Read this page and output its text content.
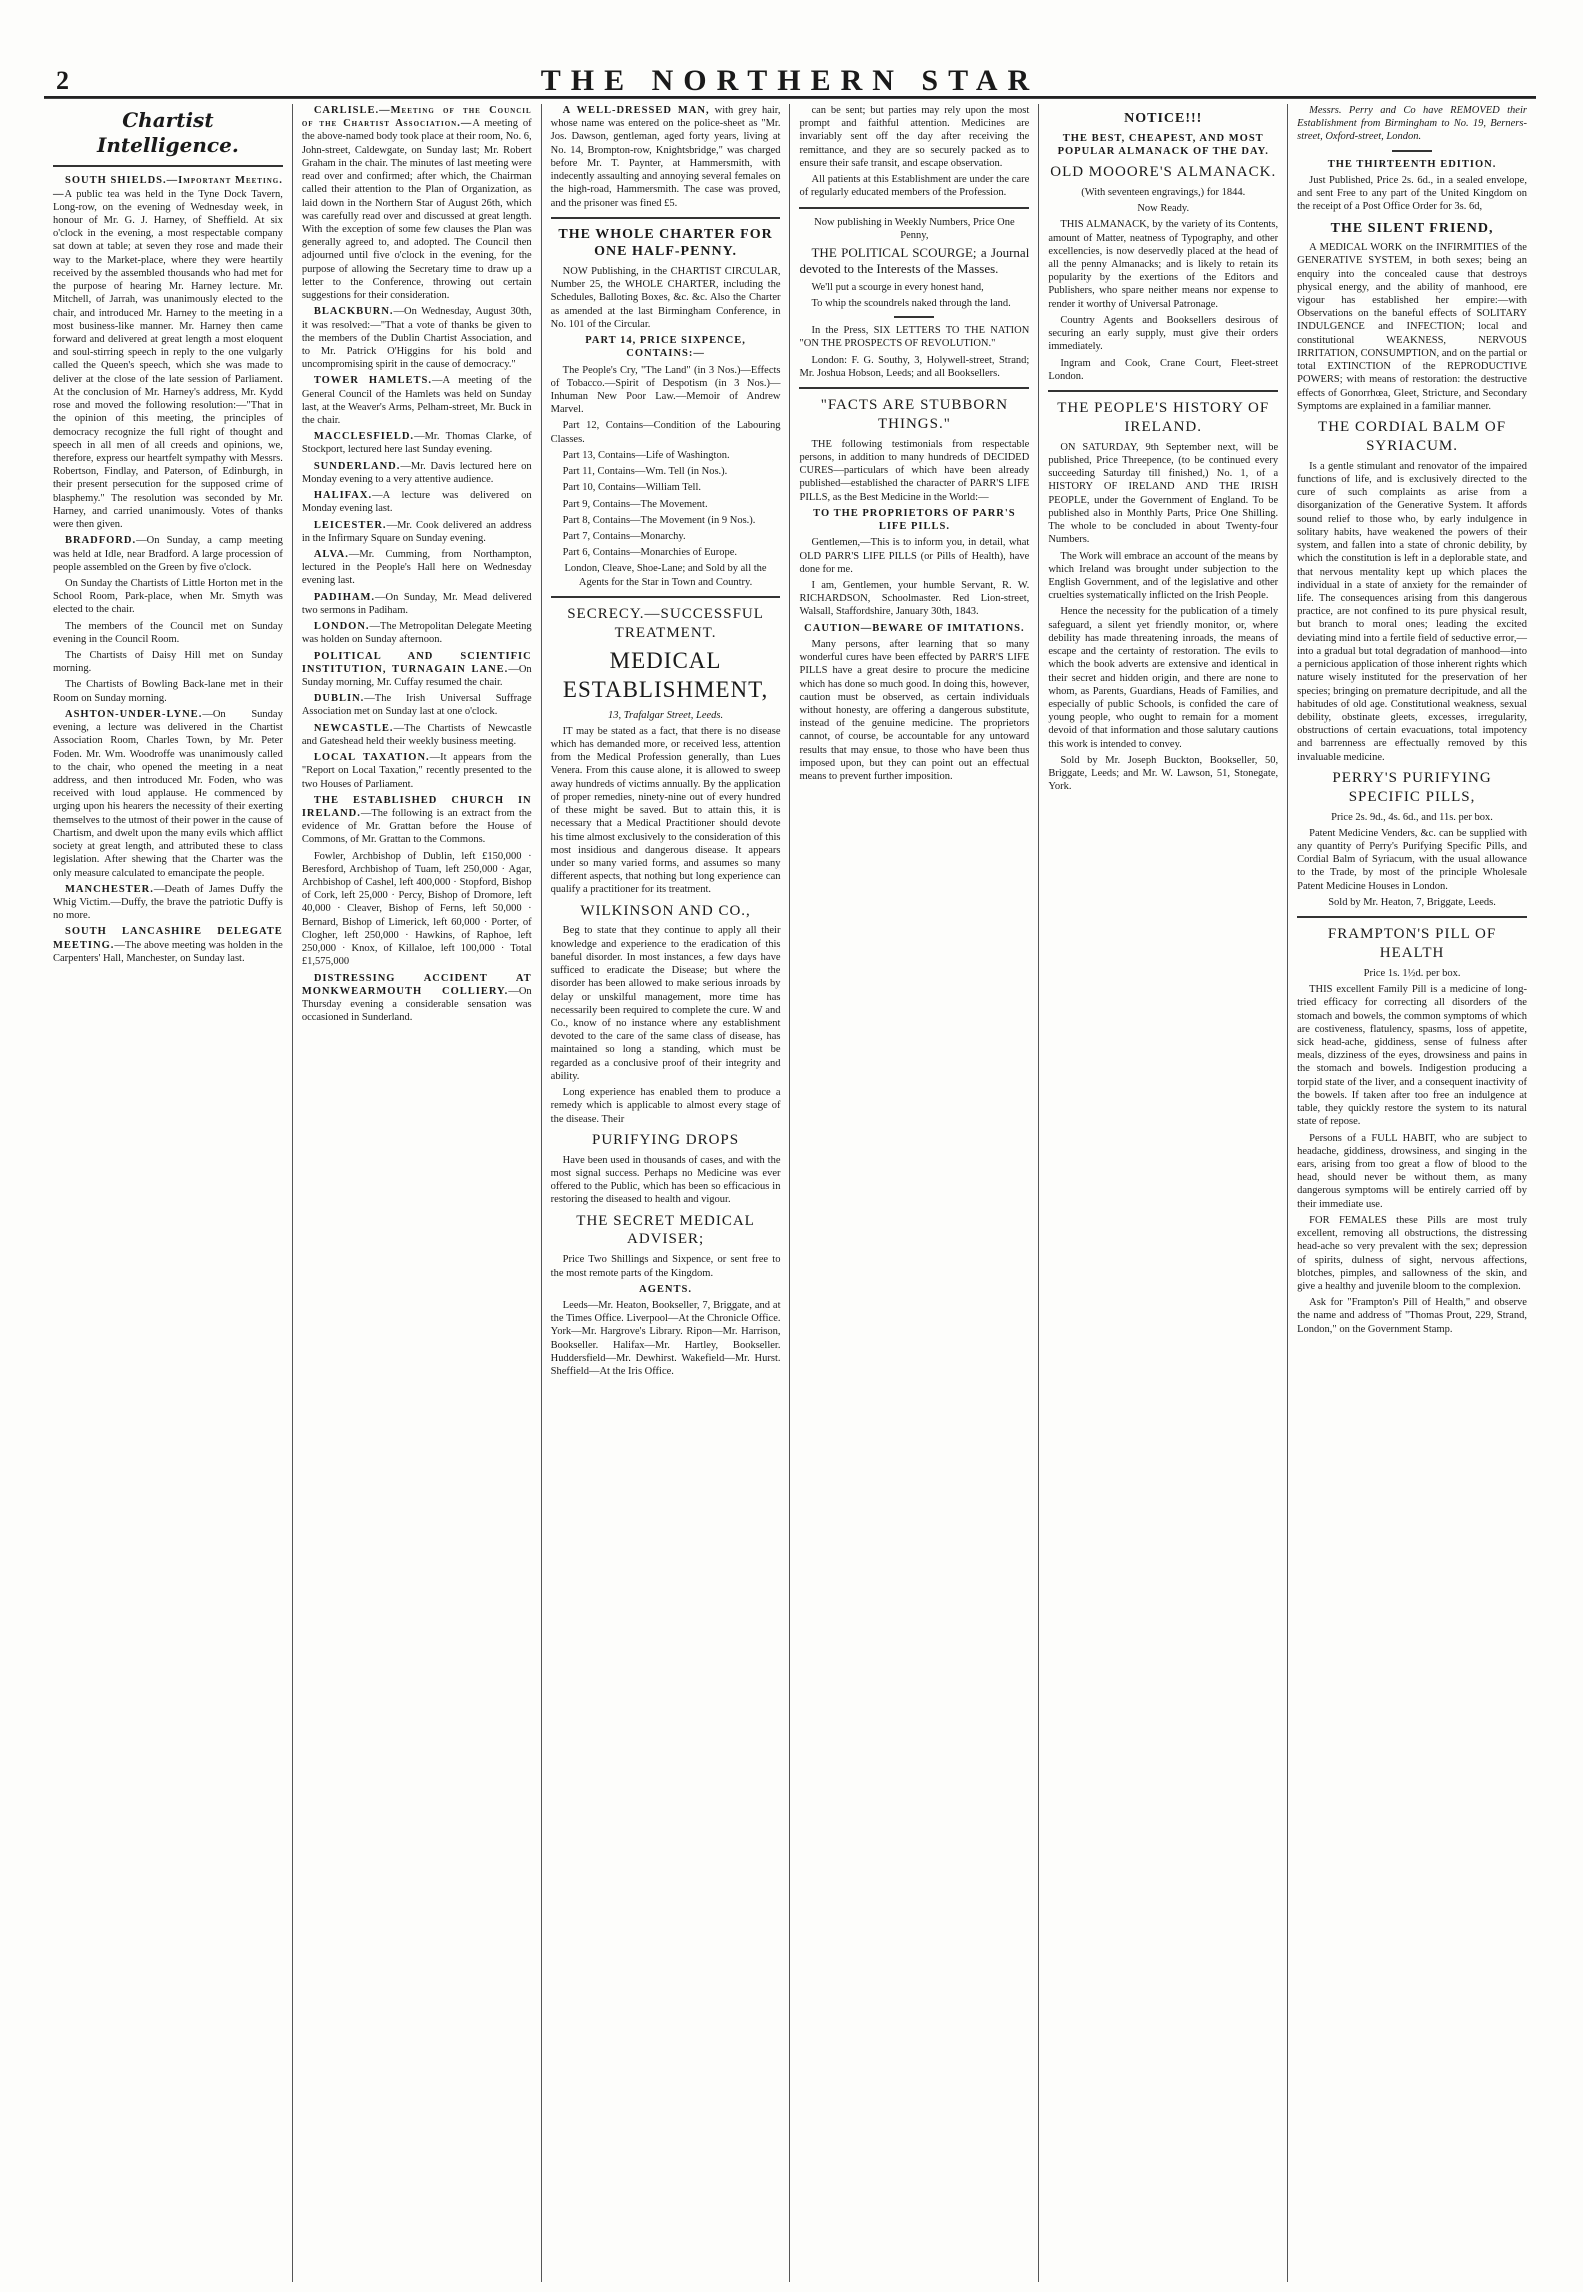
2	THE NORTHERN STAR
Chartist Intelligence.

SOUTH SHIELDS.—Important Meeting.—A public tea was held in the Tyne Dock Tavern, Long-row, on the evening of Wednesday week, in honour of Mr. G. J. Harney, of Sheffield. At six o'clock in the evening, a most respectable company sat down at table; at seven they rose and made their way to the Market-place, where they were heartily received by the assembled thousands who had met for the purpose of hearing Mr. Harney lecture. Mr. Mitchell, of Jarrah, was unanimously elected to the chair, and introduced Mr. Harney to the meeting in a most business-like manner. Mr. Harney then came forward and delivered at great length a most eloquent and soul-stirring speech in reply to the one vulgarly called the Queen's speech, which she was made to deliver at the close of the late session of Parliament. At the conclusion of Mr. Harney's address, Mr. Kydd rose and moved the following resolution:—"That in the opinion of this meeting, the principles of democracy recognize the full right of thought and speech in all men of all creeds and opinions, we, therefore, express our heartfelt sympathy with Messrs. Robertson, Findlay, and Paterson, of Edinburgh, in their present persecution for the supposed crime of blasphemy." The resolution was seconded by Mr. Harney, and carried unanimously. Votes of thanks were then given.

BRADFORD.—On Sunday, a camp meeting was held at Idle, near Bradford. A large procession of people assembled on the Green by five o'clock.

On Sunday the Chartists of Little Horton met in the School Room, Park-place, when Mr. Smyth was elected to the chair.

The members of the Council met on Sunday evening in the Council Room.

The Chartists of Daisy Hill met on Sunday morning.

The Chartists of Bowling Back-lane met in their Room on Sunday morning.

ASHTON-UNDER-LYNE.—On Sunday evening, a lecture was delivered in the Chartist Association Room, Charles Town, by Mr. Peter Foden. Mr. Wm. Woodroffe was unanimously called to the chair, who opened the meeting in a neat address, and then introduced Mr. Foden, who was received with loud applause. He commenced by urging upon his hearers the necessity of their exerting themselves to the utmost of their power in the cause of Chartism, and dwelt upon the many evils which afflict society at great length, and attributed these to class legislation. After shewing that the Charter was the only measure calculated to emancipate the people.

MANCHESTER.—Death of James Duffy the Whig Victim.—Duffy, the brave the patriotic Duffy is no more.

SOUTH LANCASHIRE DELEGATE MEETING.—The above meeting was holden in the Carpenters' Hall, Manchester, on Sunday last.

CARLISLE.—Meeting of the Council of the Chartist Association.—A meeting of the above-named body took place at their room, No. 6, John-street, Caldewgate, on Sunday last; Mr. Robert Graham in the chair. The minutes of last meeting were read over and confirmed; after which, the Chairman called their attention to the Plan of Organization, as laid down in the Northern Star of August 26th, which was carefully read over and discussed at great length. With the exception of some few clauses the Plan was generally agreed to, and adopted. The Council then adjourned until five o'clock in the evening, for the purpose of allowing the Secretary time to draw up a letter to the Conference, throwing out certain suggestions for their consideration.

BLACKBURN.—On Wednesday, August 30th, it was resolved:—"That a vote of thanks be given to the members of the Dublin Chartist Association, and to Mr. Patrick O'Higgins for his bold and uncompromising spirit in the cause of democracy."

TOWER HAMLETS.—A meeting of the General Council of the Hamlets was held on Sunday last, at the Weaver's Arms, Pelham-street, Mr. Buck in the chair.

MACCLESFIELD.—Mr. Thomas Clarke, of Stockport, lectured here last Sunday evening.

SUNDERLAND.—Mr. Davis lectured here on Monday evening to a very attentive audience.

HALIFAX.—A lecture was delivered on Monday evening last.

LEICESTER.—Mr. Cook delivered an address in the Infirmary Square on Sunday evening.

ALVA.—Mr. Cumming, from Northampton, lectured in the People's Hall here on Wednesday evening last.

PADIHAM.—On Sunday, Mr. Mead delivered two sermons in Padiham.

LONDON.—The Metropolitan Delegate Meeting was holden on Sunday afternoon.

POLITICAL AND SCIENTIFIC INSTITUTION, TURNAGAIN LANE.—On Sunday morning, Mr. Cuffay resumed the chair.

DUBLIN.—The Irish Universal Suffrage Association met on Sunday last at one o'clock.

NEWCASTLE.—The Chartists of Newcastle and Gateshead held their weekly business meeting.

LOCAL TAXATION.—It appears from the "Report on Local Taxation," recently presented to the two Houses of Parliament.

THE ESTABLISHED CHURCH IN IRELAND.—The following is an extract from the evidence of Mr. Grattan before the House of Commons, of Mr. Grattan to the Commons.

Fowler, Archbishop of Dublin, left £150,000 · Beresford, Archbishop of Tuam, left 250,000 · Agar, Archbishop of Cashel, left 400,000 · Stopford, Bishop of Cork, left 25,000 · Percy, Bishop of Dromore, left 40,000 · Cleaver, Bishop of Ferns, left 50,000 · Bernard, Bishop of Limerick, left 60,000 · Porter, of Clogher, left 250,000 · Hawkins, of Raphoe, left 250,000 · Knox, of Killaloe, left 100,000 · Total £1,575,000

DISTRESSING ACCIDENT AT MONKWEARMOUTH COLLIERY.—On Thursday evening a considerable sensation was occasioned in Sunderland.

A WELL-DRESSED MAN, with grey hair, whose name was entered on the police-sheet as "Mr. Jos. Dawson, gentleman, aged forty years, living at No. 14, Brompton-row, Knightsbridge," was charged before Mr. T. Paynter, at Hammersmith, with indecently assaulting and annoying several females on the high-road, Hammersmith. The case was proved, and the prisoner was fined £5.

THE WHOLE CHARTER FOR ONE HALF-PENNY.

NOW Publishing, in the CHARTIST CIRCULAR, Number 25, the WHOLE CHARTER, including the Schedules, Balloting Boxes, &c. &c. Also the Charter as amended at the last Birmingham Conference, in No. 101 of the Circular.

PART 14, PRICE SIXPENCE, CONTAINS:—

The People's Cry, "The Land" (in 3 Nos.)—Effects of Tobacco.—Spirit of Despotism (in 3 Nos.)—Inhuman New Poor Law.—Memoir of Andrew Marvel.

Part 12, Contains—Condition of the Labouring Classes.

Part 13, Contains—Life of Washington.

Part 11, Contains—Wm. Tell (in Nos.).

Part 10, Contains—William Tell.

Part 9, Contains—The Movement.

Part 8, Contains—The Movement (in 9 Nos.).

Part 7, Contains—Monarchy.

Part 6, Contains—Monarchies of Europe.

London, Cleave, Shoe-Lane; and Sold by all the Agents for the Star in Town and Country.

SECRECY.—SUCCESSFUL TREATMENT.
MEDICAL ESTABLISHMENT,

13, Trafalgar Street, Leeds.

IT may be stated as a fact, that there is no disease which has demanded more, or received less, attention from the Medical Profession generally, than Lues Venera. From this cause alone, it is allowed to sweep away hundreds of victims annually. By the application of proper remedies, ninety-nine out of every hundred of these might be saved. But to attain this, it is necessary that a Medical Practitioner should devote his time almost exclusively to the consideration of this most insidious and dangerous disease. It appears under so many varied forms, and assumes so many different aspects, that nothing but long experience can qualify a practitioner for its treatment.

WILKINSON AND CO.,

Beg to state that they continue to apply all their knowledge and experience to the eradication of this baneful disorder. In most instances, a few days have sufficed to eradicate the Disease; but where the disorder has been allowed to make serious inroads by delay or unskilful management, more time has necessarily been required to complete the cure. W and Co., know of no instance where any establishment devoted to the care of the same class of disease, has maintained so long a standing, which must be regarded as a conclusive proof of their integrity and ability.

Long experience has enabled them to produce a remedy which is applicable to almost every stage of the disease. Their

PURIFYING DROPS

Have been used in thousands of cases, and with the most signal success. Perhaps no Medicine was ever offered to the Public, which has been so efficacious in restoring the diseased to health and vigour.

THE SECRET MEDICAL ADVISER;

Price Two Shillings and Sixpence, or sent free to the most remote parts of the Kingdom.

AGENTS.

Leeds—Mr. Heaton, Bookseller, 7, Briggate, and at the Times Office. Liverpool—At the Chronicle Office. York—Mr. Hargrove's Library. Ripon—Mr. Harrison, Bookseller. Halifax—Mr. Hartley, Bookseller. Huddersfield—Mr. Dewhirst. Wakefield—Mr. Hurst. Sheffield—At the Iris Office.

can be sent; but parties may rely upon the most prompt and faithful attention. Medicines are invariably sent off the day after receiving the remittance, and they are so securely packed as to ensure their safe transit, and escape observation.

All patients at this Establishment are under the care of regularly educated members of the Profession.

Now publishing in Weekly Numbers, Price One Penny,

THE POLITICAL SCOURGE; a Journal devoted to the Interests of the Masses.

We'll put a scourge in every honest hand,

To whip the scoundrels naked through the land.

In the Press, SIX LETTERS TO THE NATION "ON THE PROSPECTS OF REVOLUTION."

London: F. G. Southy, 3, Holywell-street, Strand; Mr. Joshua Hobson, Leeds; and all Booksellers.

"FACTS ARE STUBBORN THINGS."

THE following testimonials from respectable persons, in addition to many hundreds of DECIDED CURES—particulars of which have been already published—established the character of PARR'S LIFE PILLS, as the Best Medicine in the World:—

TO THE PROPRIETORS OF PARR'S LIFE PILLS.

Gentlemen,—This is to inform you, in detail, what OLD PARR'S LIFE PILLS (or Pills of Health), have done for me.

I am, Gentlemen, your humble Servant, R. W. RICHARDSON, Schoolmaster. Red Lion-street, Walsall, Staffordshire, January 30th, 1843.

CAUTION—BEWARE OF IMITATIONS.

Many persons, after learning that so many wonderful cures have been effected by PARR'S LIFE PILLS have a great desire to procure the medicine which has done so much good. In doing this, however, caution must be observed, as certain individuals without honesty, are offering a dangerous substitute, instead of the genuine medicine. The proprietors cannot, of course, be accountable for any untoward results that may ensue, to those who have been thus imposed upon, but they can point out an effectual means to prevent further imposition.

NOTICE!!!

THE BEST, CHEAPEST, AND MOST POPULAR ALMANACK OF THE DAY.

OLD MOOORE'S ALMANACK.

(With seventeen engravings,) for 1844.

Now Ready.

THIS ALMANACK, by the variety of its Contents, amount of Matter, neatness of Typography, and other excellencies, is now deservedly placed at the head of all the penny Almanacks; and is likely to retain its popularity by the exertions of the Editors and Publishers, who spare neither means nor expense to render it worthy of Universal Patronage.

Country Agents and Booksellers desirous of securing an early supply, must give their orders immediately.

Ingram and Cook, Crane Court, Fleet-street London.

THE PEOPLE'S HISTORY OF IRELAND.

ON SATURDAY, 9th September next, will be published, Price Threepence, (to be continued every succeeding Saturday till finished,) No. 1, of a HISTORY OF IRELAND AND THE IRISH PEOPLE, under the Government of England. To be published also in Monthly Parts, Price One Shilling. The whole to be concluded in about Twenty-four Numbers.

The Work will embrace an account of the means by which Ireland was brought under subjection to the English Government, and of the legislative and other cruelties systematically inflicted on the Irish People.

Hence the necessity for the publication of a timely safeguard, a silent yet friendly monitor, or, where debility has made threatening inroads, the means of escape and the certainty of restoration. The evils to which the book adverts are extensive and identical in their secret and hidden origin, and there are none to whom, as Parents, Guardians, Heads of Families, and especially of public Schools, is confided the care of young people, who ought to remain for a moment devoid of that information and those salutary cautions this work is intended to convey.

Sold by Mr. Joseph Buckton, Bookseller, 50, Briggate, Leeds; and Mr. W. Lawson, 51, Stonegate, York.

Messrs. Perry and Co have REMOVED their Establishment from Birmingham to No. 19, Berners-street, Oxford-street, London.

THE THIRTEENTH EDITION.

Just Published, Price 2s. 6d., in a sealed envelope, and sent Free to any part of the United Kingdom on the receipt of a Post Office Order for 3s. 6d,

THE SILENT FRIEND,

A MEDICAL WORK on the INFIRMITIES of the GENERATIVE SYSTEM, in both sexes; being an enquiry into the concealed cause that destroys physical energy, and the ability of manhood, ere vigour has established her empire:—with Observations on the baneful effects of SOLITARY INDULGENCE and INFECTION; local and constitutional WEAKNESS, NERVOUS IRRITATION, CONSUMPTION, and on the partial or total EXTINCTION of the REPRODUCTIVE POWERS; with means of restoration: the destructive effects of Gonorrhœa, Gleet, Stricture, and Secondary Symptoms are explained in a familiar manner.

THE CORDIAL BALM OF SYRIACUM.

Is a gentle stimulant and renovator of the impaired functions of life, and is exclusively directed to the cure of such complaints as arise from a disorganization of the Generative System. It affords sound relief to those who, by early indulgence in solitary habits, have weakened the powers of their system, and fallen into a state of chronic debility, by which the constitution is left in a deplorable state, and that nervous mentality kept up which places the individual in a state of anxiety for the remainder of life. The consequences arising from this dangerous practice, are not confined to its pure physical result, but branch to moral ones; leading the excited deviating mind into a fertile field of seductive error,—into a gradual but total degradation of manhood—into a pernicious application of those inherent rights which nature wisely instituted for the preservation of her species; bringing on premature decripitude, and all the habitudes of old age. Constitutional weakness, sexual debility, obstinate gleets, excesses, irregularity, obstructions of certain evacuations, total impotency and barrenness are effectually removed by this invaluable medicine.

PERRY'S PURIFYING SPECIFIC PILLS,

Price 2s. 9d., 4s. 6d., and 11s. per box.

Patent Medicine Venders, &c. can be supplied with any quantity of Perry's Purifying Specific Pills, and Cordial Balm of Syriacum, with the usual allowance to the Trade, by most of the principle Wholesale Patent Medicine Houses in London.

Sold by Mr. Heaton, 7, Briggate, Leeds.

FRAMPTON'S PILL OF HEALTH

Price 1s. 1½d. per box.

THIS excellent Family Pill is a medicine of long-tried efficacy for correcting all disorders of the stomach and bowels, the common symptoms of which are costiveness, flatulency, spasms, loss of appetite, sick head-ache, giddiness, sense of fulness after meals, dizziness of the eyes, drowsiness and pains in the stomach and bowels. Indigestion producing a torpid state of the liver, and a consequent inactivity of the bowels. If taken after too free an indulgence at table, they quickly restore the system to its natural state of repose.

Persons of a FULL HABIT, who are subject to headache, giddiness, drowsiness, and singing in the ears, arising from too great a flow of blood to the head, should never be without them, as many dangerous symptoms will be entirely carried off by their immediate use.

FOR FEMALES these Pills are most truly excellent, removing all obstructions, the distressing head-ache so very prevalent with the sex; depression of spirits, dulness of sight, nervous affections, blotches, pimples, and sallowness of the skin, and give a healthy and juvenile bloom to the complexion.

Ask for "Frampton's Pill of Health," and observe the name and address of "Thomas Prout, 229, Strand, London," on the Government Stamp.
